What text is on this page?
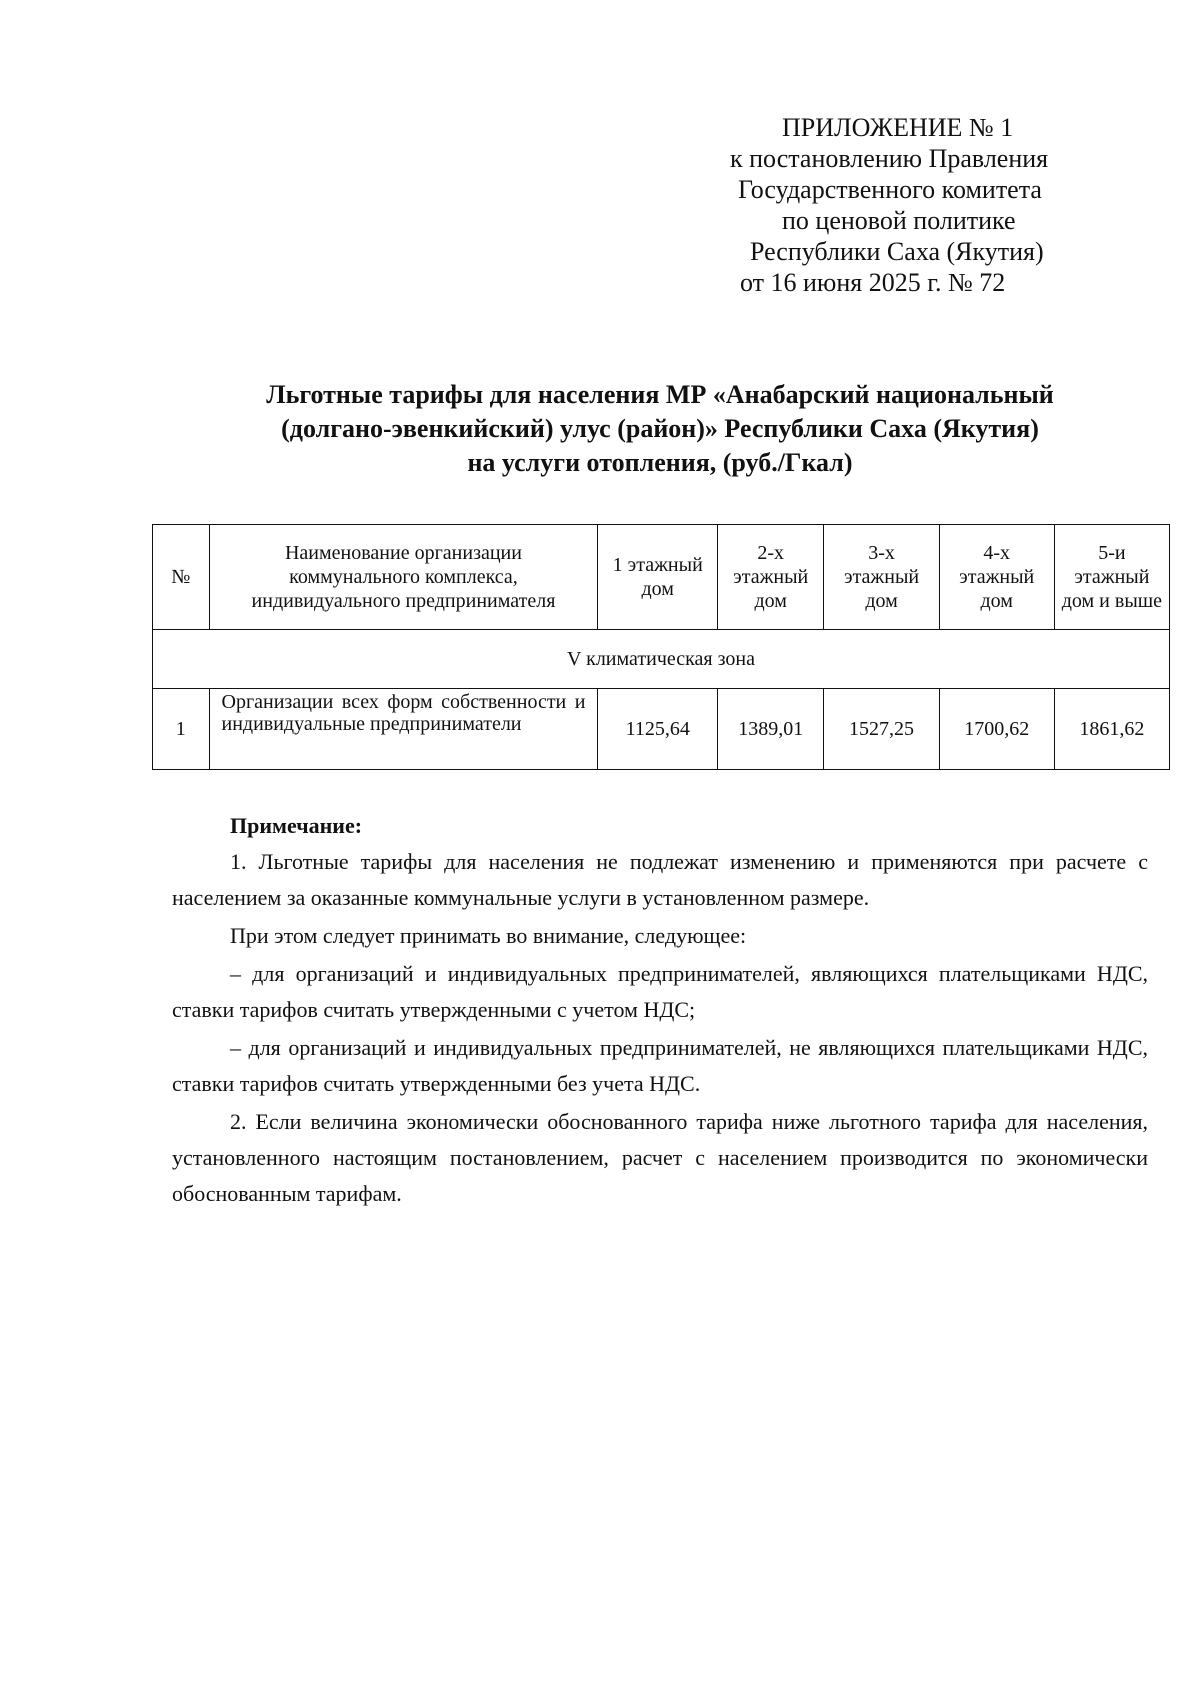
ПРИЛОЖЕНИЕ № 1
к постановлению Правления
Государственного комитета
по ценовой политике
Республики Саха (Якутия)
от 16 июня 2025 г. № 72
Льготные тарифы для населения МР «Анабарский национальный
(долгано-эвенкийский) улус (район)» Республики Саха (Якутия)
на услуги отопления, (руб./Гкал)
№	Наименование организации коммунального комплекса, индивидуального предпринимателя	1 этажный дом	2-х этажный дом	3-х этажный дом	4-х этажный дом	5-и этажный дом и выше
V климатическая зона						
1	Организации всех форм собственности и индивидуальные предприниматели	1125,64	1389,01	1527,25	1700,62	1861,62
Примечание:

1. Льготные тарифы для населения не подлежат изменению и применяются при расчете с населением за оказанные коммунальные услуги в установленном размере.

При этом следует принимать во внимание, следующее:

– для организаций и индивидуальных предпринимателей, являющихся плательщиками НДС, ставки тарифов считать утвержденными с учетом НДС;

– для организаций и индивидуальных предпринимателей, не являющихся плательщиками НДС, ставки тарифов считать утвержденными без учета НДС.

2. Если величина экономически обоснованного тарифа ниже льготного тарифа для населения, установленного настоящим постановлением, расчет с населением производится по экономически обоснованным тарифам.
